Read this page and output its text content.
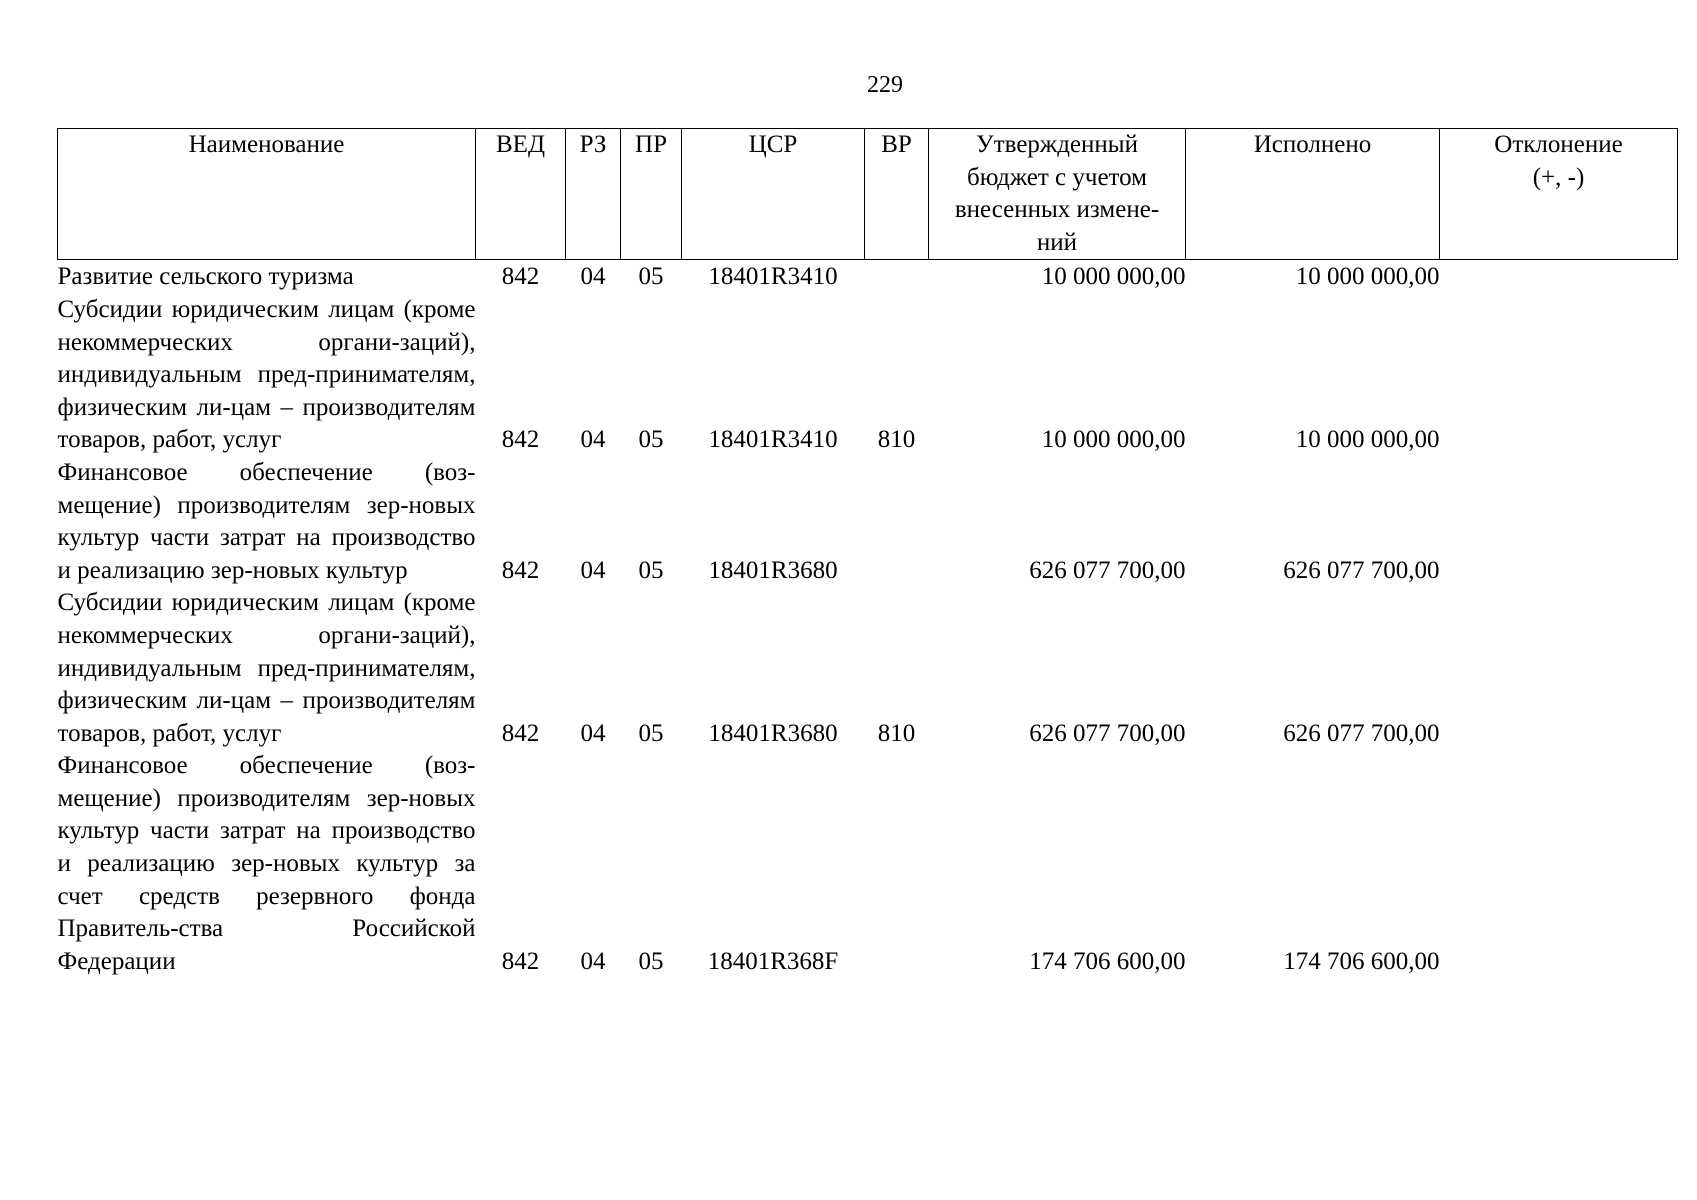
229
Наименование	ВЕД	РЗ	ПР	ЦСР	ВР	Утвержденный бюджет с учетом внесенных измене-ний	Исполнено	Отклонение (+, -)
Развитие сельского туризма	842	04	05	18401R3410		10 000 000,00	10 000 000,00	
Субсидии юридическим лицам (кроме некоммерческих органи-заций), индивидуальным пред-принимателям, физическим ли-цам – производителям товаров, работ, услуг	842	04	05	18401R3410	810	10 000 000,00	10 000 000,00	
Финансовое обеспечение (воз-мещение) производителям зер-новых культур части затрат на производство и реализацию зер-новых культур	842	04	05	18401R3680		626 077 700,00	626 077 700,00	
Субсидии юридическим лицам (кроме некоммерческих органи-заций), индивидуальным пред-принимателям, физическим ли-цам – производителям товаров, работ, услуг	842	04	05	18401R3680	810	626 077 700,00	626 077 700,00	
Финансовое обеспечение (воз-мещение) производителям зер-новых культур части затрат на производство и реализацию зер-новых культур за счет средств резервного фонда Правитель-ства Российской Федерации	842	04	05	18401R368F		174 706 600,00	174 706 600,00	
